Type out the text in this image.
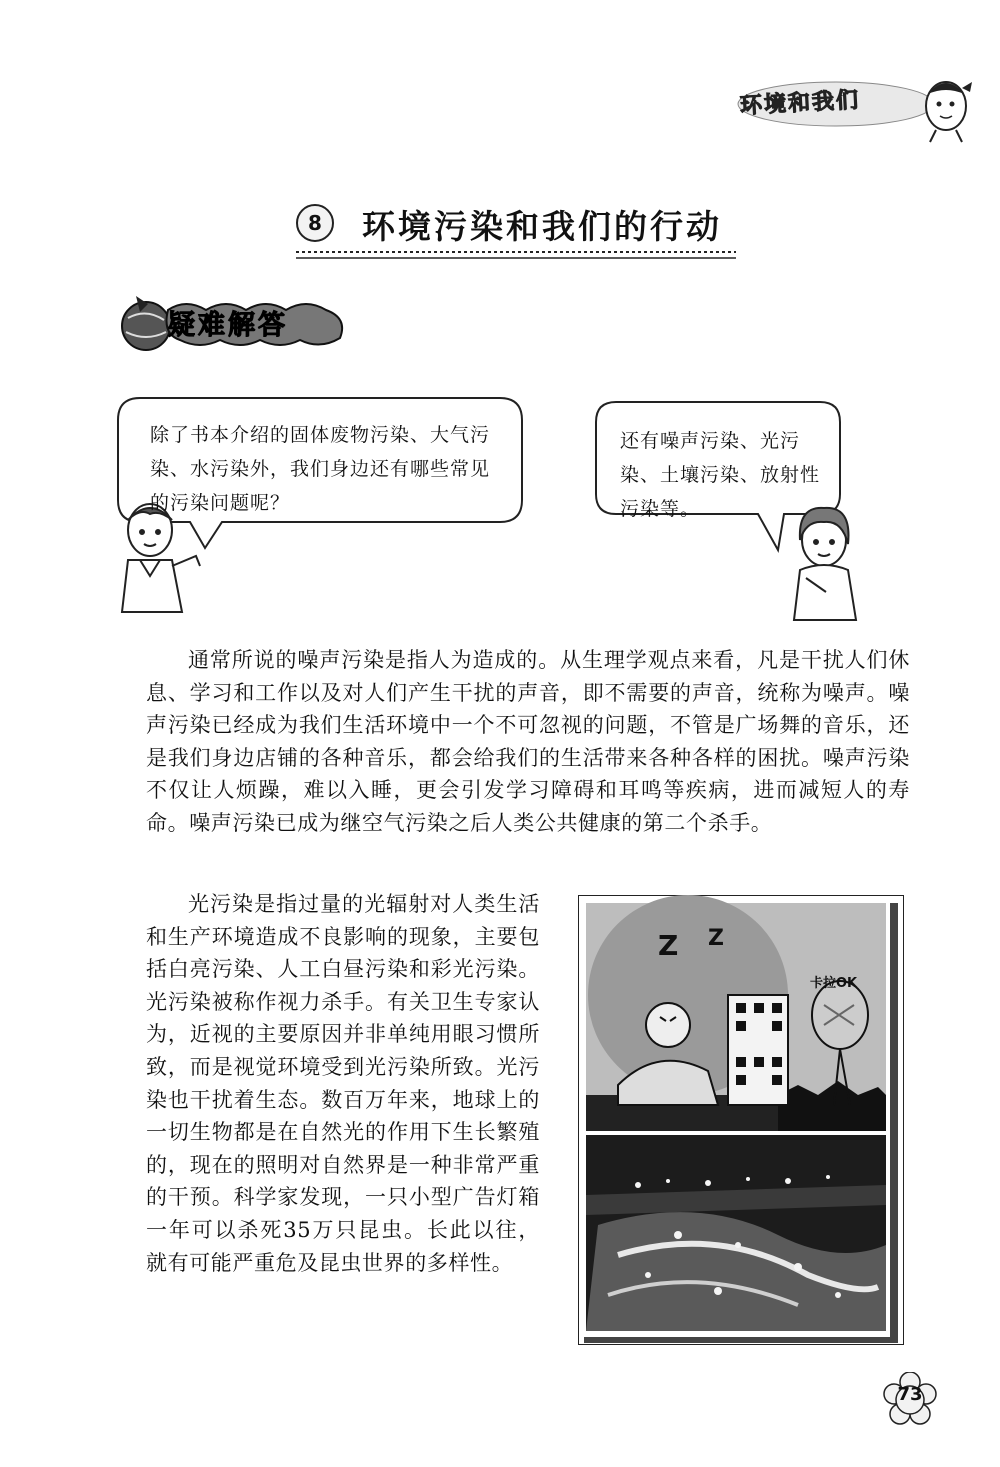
环境和我们
8	环境污染和我们的行动
疑难解答
除了书本介绍的固体废物污染、大气污染、水污染外，我们身边还有哪些常见的污染问题呢？
还有噪声污染、光污染、土壤污染、放射性污染等。
通常所说的噪声污染是指人为造成的。从生理学观点来看，凡是干扰人们休息、学习和工作以及对人们产生干扰的声音，即不需要的声音，统称为噪声。噪声污染已经成为我们生活环境中一个不可忽视的问题，不管是广场舞的音乐，还是我们身边店铺的各种音乐，都会给我们的生活带来各种各样的困扰。噪声污染不仅让人烦躁，难以入睡，更会引发学习障碍和耳鸣等疾病，进而减短人的寿命。噪声污染已成为继空气污染之后人类公共健康的第二个杀手。
光污染是指过量的光辐射对人类生活和生产环境造成不良影响的现象，主要包括白亮污染、人工白昼污染和彩光污染。光污染被称作视力杀手。有关卫生专家认为，近视的主要原因并非单纯用眼习惯所致，而是视觉环境受到光污染所致。光污染也干扰着生态。数百万年来，地球上的一切生物都是在自然光的作用下生长繁殖的，现在的照明对自然界是一种非常严重的干预。科学家发现，一只小型广告灯箱一年可以杀死35万只昆虫。长此以往，就有可能严重危及昆虫世界的多样性。
Z Z
卡拉OK
73
